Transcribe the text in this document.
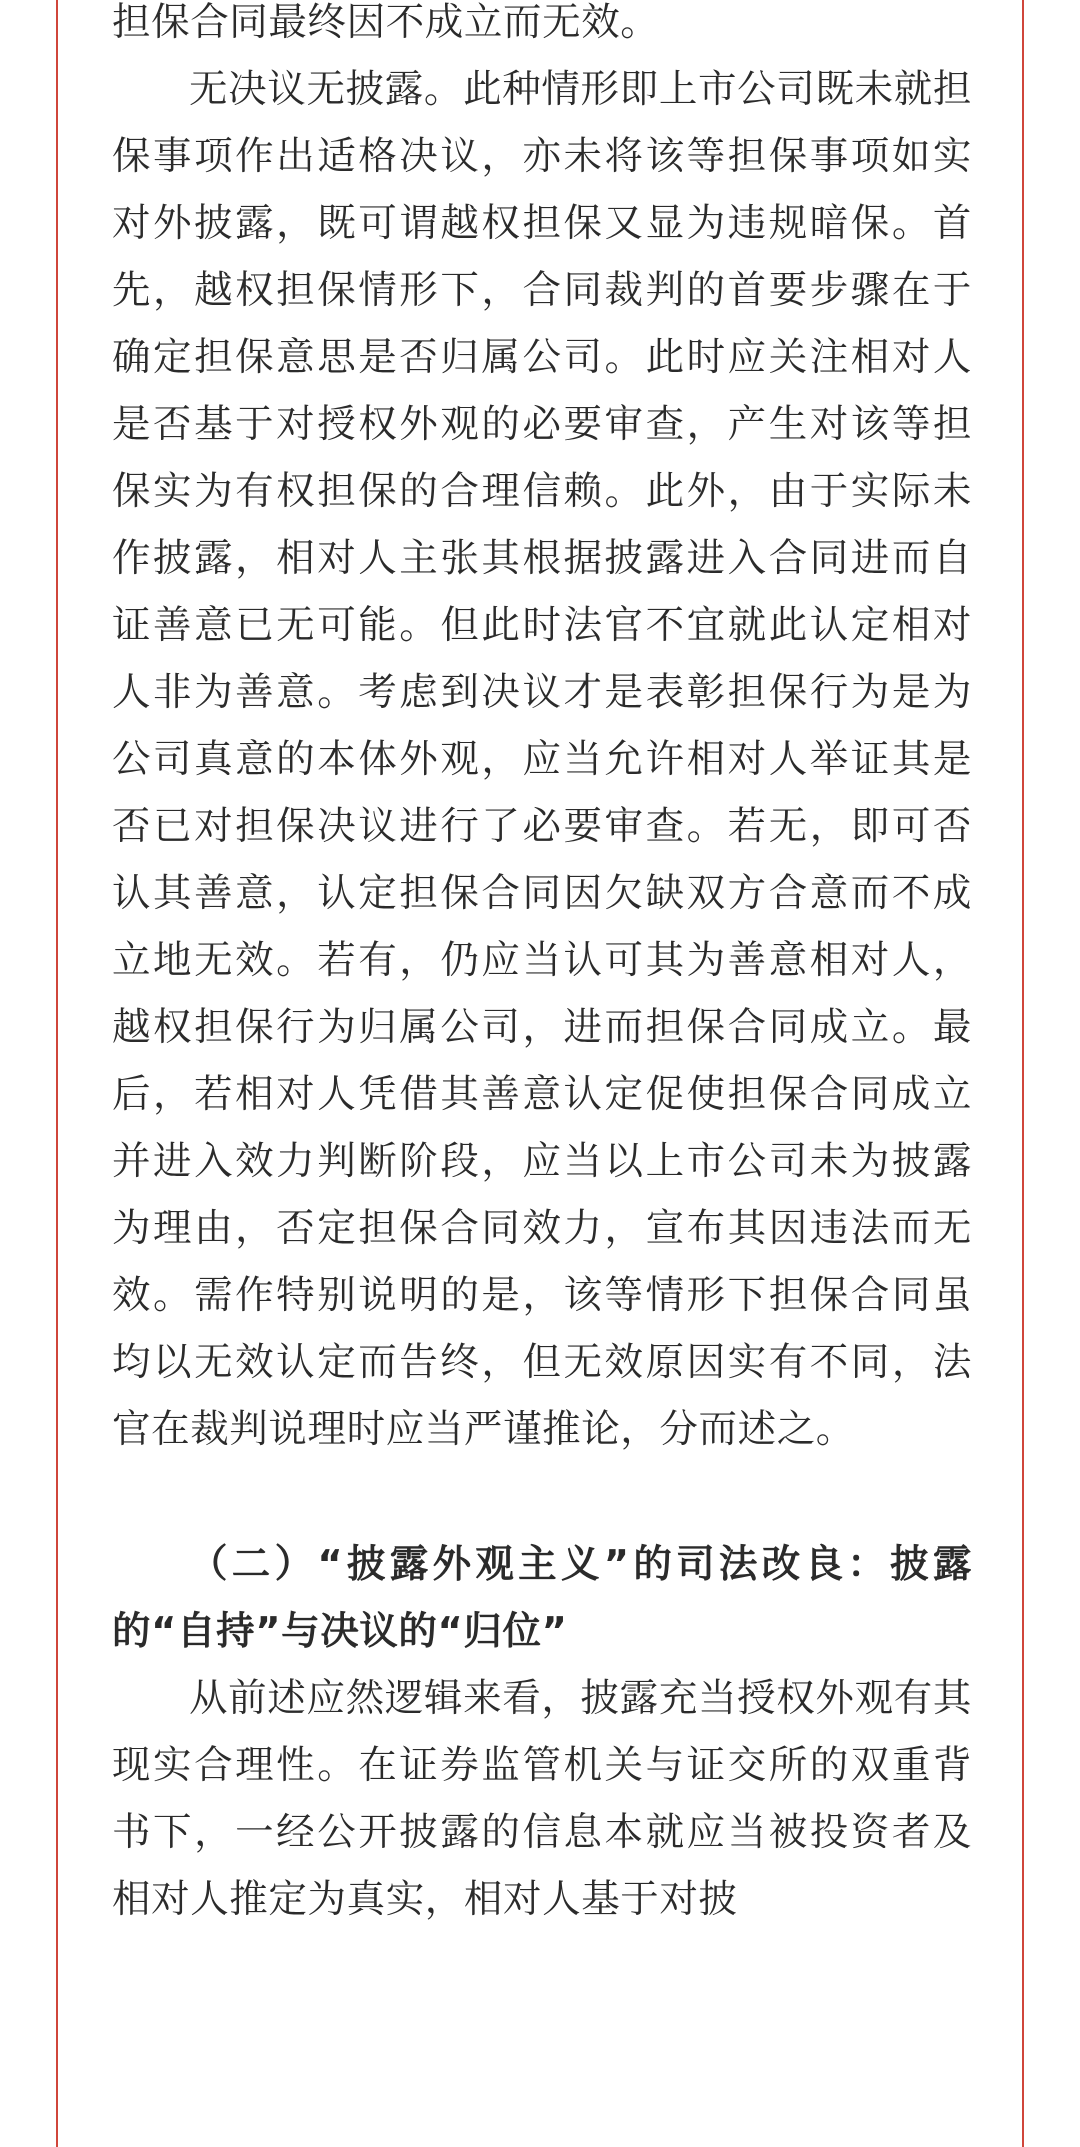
担保合同最终因不成立而无效。

无决议无披露。此种情形即上市公司既未就担保事项作出适格决议，亦未将该等担保事项如实对外披露，既可谓越权担保又显为违规暗保。首先，越权担保情形下，合同裁判的首要步骤在于确定担保意思是否归属公司。此时应关注相对人是否基于对授权外观的必要审查，产生对该等担保实为有权担保的合理信赖。此外，由于实际未作披露，相对人主张其根据披露进入合同进而自证善意已无可能。但此时法官不宜就此认定相对人非为善意。考虑到决议才是表彰担保行为是为公司真意的本体外观，应当允许相对人举证其是否已对担保决议进行了必要审查。若无，即可否认其善意，认定担保合同因欠缺双方合意而不成立地无效。若有，仍应当认可其为善意相对人，越权担保行为归属公司，进而担保合同成立。最后，若相对人凭借其善意认定促使担保合同成立并进入效力判断阶段，应当以上市公司未为披露为理由，否定担保合同效力，宣布其因违法而无效。需作特别说明的是，该等情形下担保合同虽均以无效认定而告终，但无效原因实有不同，法官在裁判说理时应当严谨推论，分而述之。

（二）“披露外观主义”的司法改良：披露的“自持”与决议的“归位”

从前述应然逻辑来看，披露充当授权外观有其现实合理性。在证券监管机关与证交所的双重背书下，一经公开披露的信息本就应当被投资者及相对人推定为真实，相对人基于对披
